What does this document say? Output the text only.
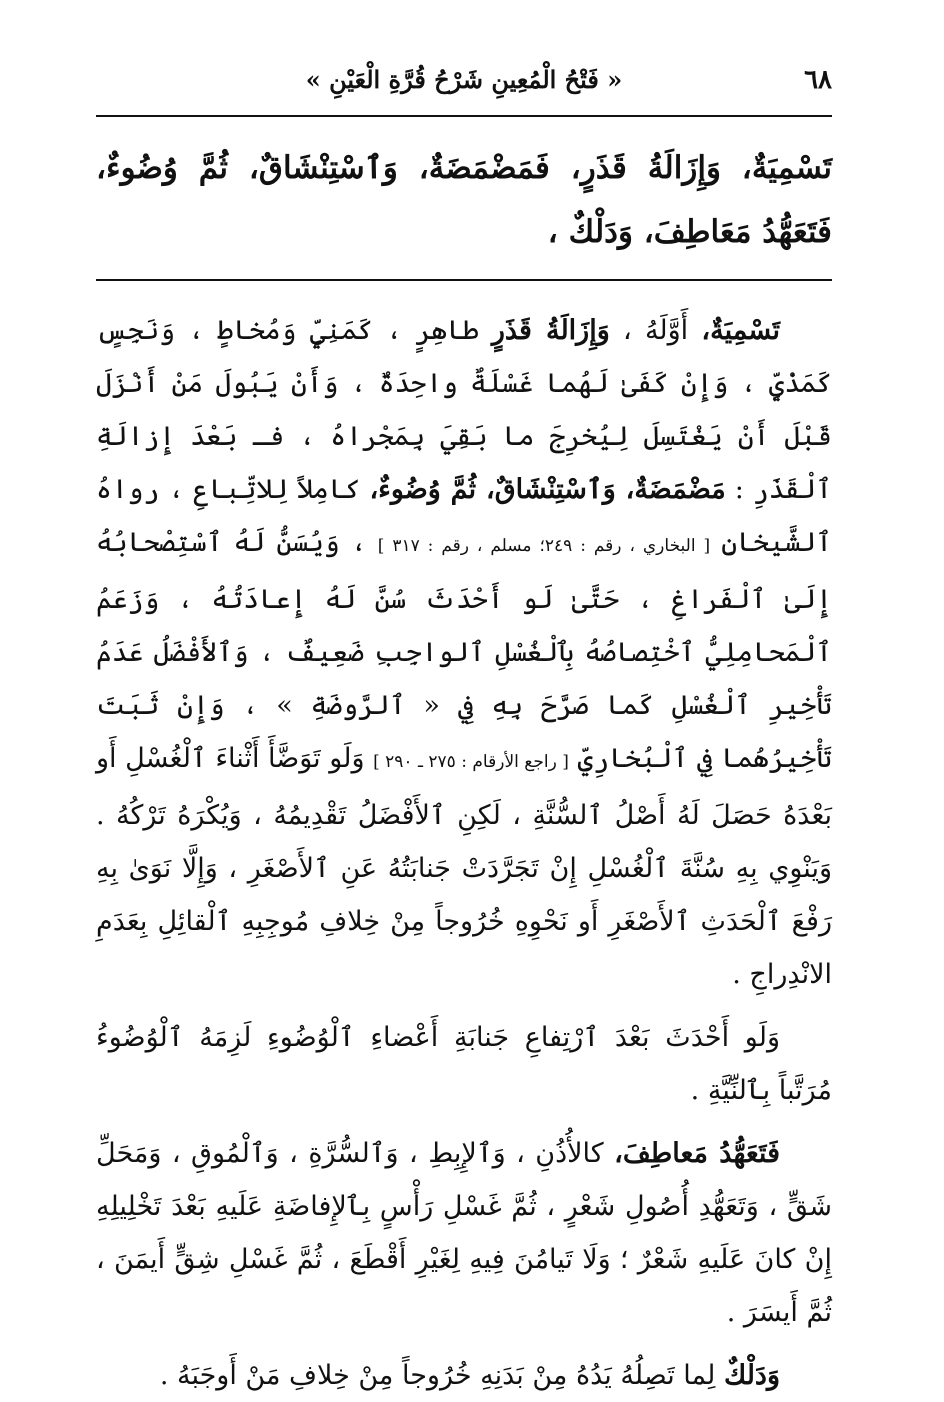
٦٨
« فَتْحُ الْمُعِينِ شَرْحُ قُرَّةِ الْعَيْنِ »

تَسْمِيَةٌ، وَإِزَالَةُ قَذَرٍ، فَمَضْمَضَةٌ، وَٱسْتِنْشَاقٌ، ثُمَّ وُضُوءٌ، فَتَعَهُّدُ مَعَاطِفَ، وَدَلْكٌ ،

تَسْمِيَةٌ، أَوَّلَهُ ، وَإِزَالَةُ قَذَرٍ طاهِرٍ ، كَمَنِيٍّ وَمُخاطٍ ، وَنَجِسٍ كَمَذْيٍّ ، وَإِنْ كَفَىٰ لَهُما غَسْلَةٌ واحِدَةٌ ، وَأَنْ يَبُولَ مَنْ أَنْزَلَ قَبْلَ أَنْ يَغْتَسِلَ لِيُخرِجَ ما بَقِيَ بِمَجْراهُ ، فـ بَعْدَ إِزالَةِ ٱلْقَذَرِ : مَضْمَضَةٌ، وَٱسْتِنْشَاقٌ، ثُمَّ وُضُوءٌ، كامِلاً لِلاتِّباعِ ، رواهُ ٱلشَّيخانِ [ البخاري ، رقم : ٢٤٩؛ مسلم ، رقم : ٣١٧ ] ، وَيُسَنُّ لَهُ ٱسْتِصْحابُهُ إِلَىٰ ٱلْفَراغِ ، حَتَّىٰ لَو أَحْدَثَ سُنَّ لَهُ إِعادَتُهُ ، وَزَعَمُ ٱلْمَحامِلِيُّ ٱخْتِصاصُهُ بِٱلْغُسْلِ ٱلواجِبِ ضَعِيفٌ ، وَٱلأَفْضَلُ عَدَمُ تَأْخِيرِ ٱلْغُسْلِ كَما صَرَّحَ بِهِ فِي « ٱلرَّوضَةِ » ، وَإِنْ ثَبَتَ تَأْخِيرُهُما فِي ٱلْبُخارِيِّ [ راجع الأرقام : ٢٧٥ ـ ٢٩٠ ] وَلَو تَوَضَّأَ أَثْناءَ ٱلْغُسْلِ أَو بَعْدَهُ حَصَلَ لَهُ أَصْلُ ٱلسُّنَّةِ ، لَكِنِ ٱلأَفْضَلُ تَقْدِيمُهُ ، وَيُكْرَهُ تَرْكُهُ . وَيَنْوِي بِهِ سُنَّةَ ٱلْغُسْلِ إِنْ تَجَرَّدَتْ جَنابَتُهُ عَنِ ٱلأَصْغَرِ ، وَإِلَّا نَوَىٰ بِهِ رَفْعَ ٱلْحَدَثِ ٱلأَصْغَرِ أَو نَحْوِهِ خُرُوجاً مِنْ خِلافِ مُوجِبِهِ ٱلْقائِلِ بِعَدَمِ الانْدِراجِ .

وَلَو أَحْدَثَ بَعْدَ ٱرْتِفاعِ جَنابَةِ أَعْضاءِ ٱلْوُضُوءِ لَزِمَهُ ٱلْوُضُوءُ مُرَتَّباً بِٱلنِّيَّةِ .

فَتَعَهُّدُ مَعاطِفَ، كالأُذُنِ ، وَٱلإِبِطِ ، وَٱلسُّرَّةِ ، وَٱلْمُوقِ ، وَمَحَلِّ شَقٍّ ، وَتَعَهُّدِ أُصُولِ شَعْرٍ ، ثُمَّ غَسْلِ رَأْسٍ بِٱلإِفاضَةِ عَلَيهِ بَعْدَ تَخْلِيلِهِ إِنْ كانَ عَلَيهِ شَعْرٌ ؛ وَلَا تَيامُنَ فِيهِ لِغَيْرِ أَقْطَعَ ، ثُمَّ غَسْلِ شِقٍّ أَيمَنَ ، ثُمَّ أَيسَرَ .

وَدَلْكٌ لِما تَصِلُهُ يَدُهُ مِنْ بَدَنِهِ خُرُوجاً مِنْ خِلافِ مَنْ أَوجَبَهُ .
